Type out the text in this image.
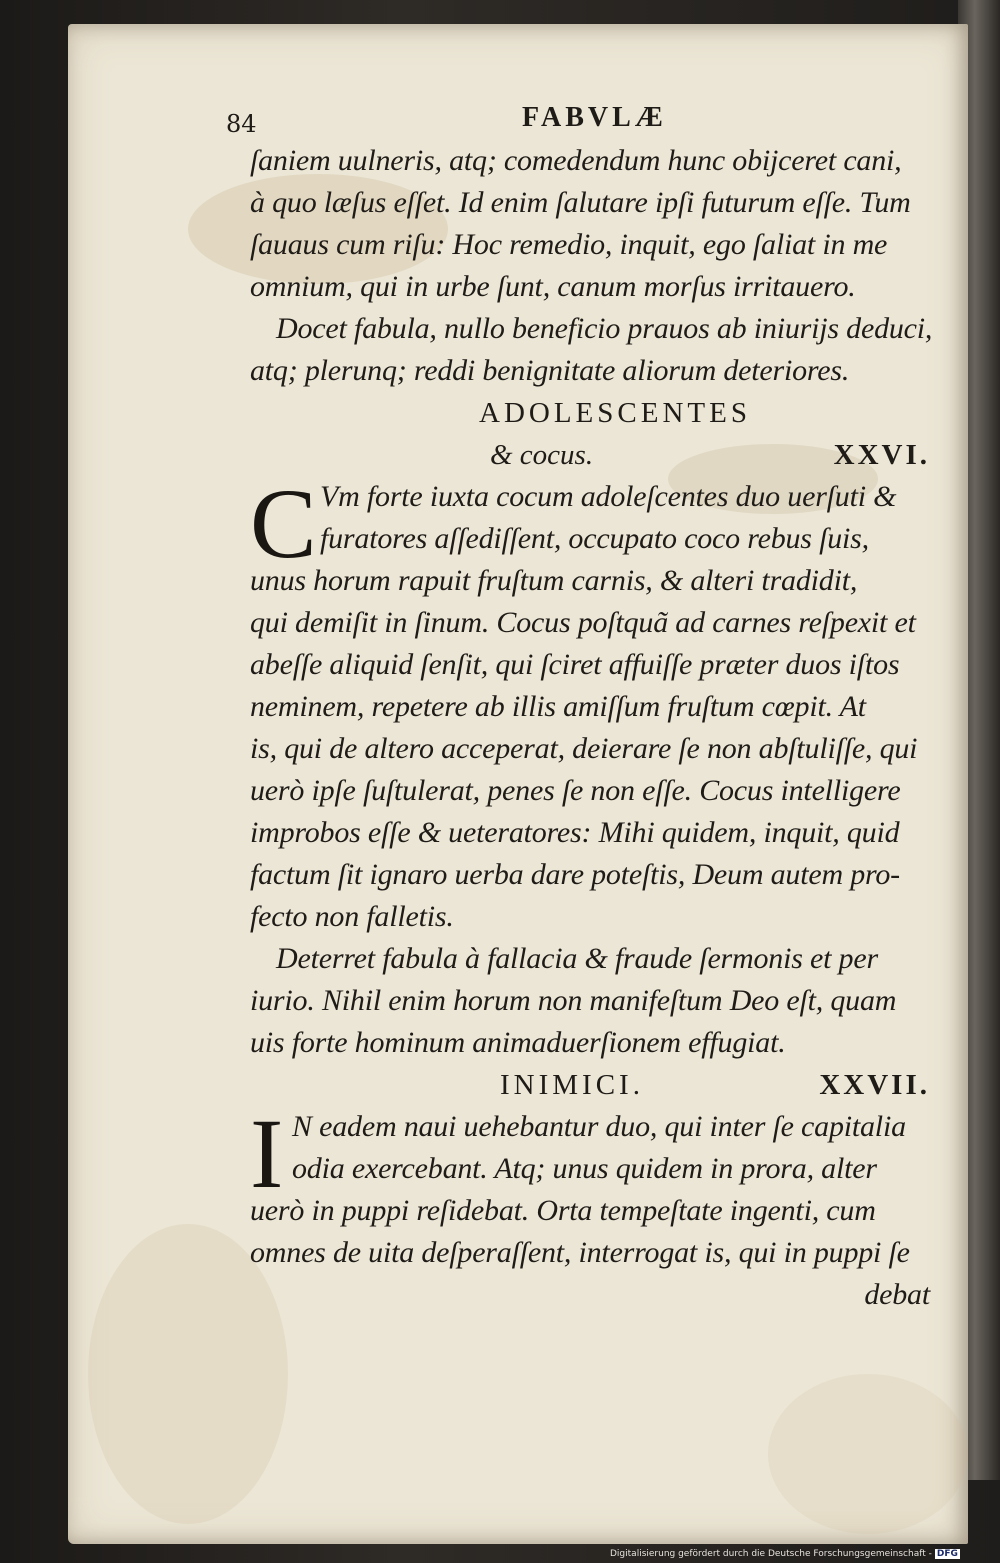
84	FABVLÆ
ſaniem uulneris, atq; comedendum hunc obijceret cani,
à quo læſus eſſet. Id enim ſalutare ipſi futurum eſſe. Tum
ſauaus cum riſu: Hoc remedio, inquit, ego ſaliat in me
omnium, qui in urbe ſunt, canum morſus irritauero.
Docet fabula, nullo beneficio prauos ab iniurijs deduci,
atq; plerunq; reddi benignitate aliorum deteriores.
ADOLESCENTES
& cocus.	XXVI.
C Vm forte iuxta cocum adoleſcentes duo uerſuti &
furatores aſſediſſent, occupato coco rebus ſuis,
unus horum rapuit fruſtum carnis, & alteri tradidit,
qui demiſit in ſinum. Cocus poſtquã ad carnes reſpexit et
abeſſe aliquid ſenſit, qui ſciret affuiſſe præter duos iſtos
neminem, repetere ab illis amiſſum fruſtum cœpit. At
is, qui de altero acceperat, deierare ſe non abſtuliſſe, qui
uerò ipſe ſuſtulerat, penes ſe non eſſe. Cocus intelligere
improbos eſſe & ueteratores: Mihi quidem, inquit, quid
factum ſit ignaro uerba dare poteſtis, Deum autem pro-
fecto non falletis.
Deterret fabula à fallacia & fraude ſermonis et per
iurio. Nihil enim horum non manifeſtum Deo eſt, quam
uis forte hominum animaduerſionem effugiat.
INIMICI.	XXVII.
I N eadem naui uehebantur duo, qui inter ſe capitalia
odia exercebant. Atq; unus quidem in prora, alter
uerò in puppi reſidebat. Orta tempeſtate ingenti, cum
omnes de uita deſperaſſent, interrogat is, qui in puppi ſe
debat
Digitalisierung gefördert durch die Deutsche Forschungsgemeinschaft - DFG
